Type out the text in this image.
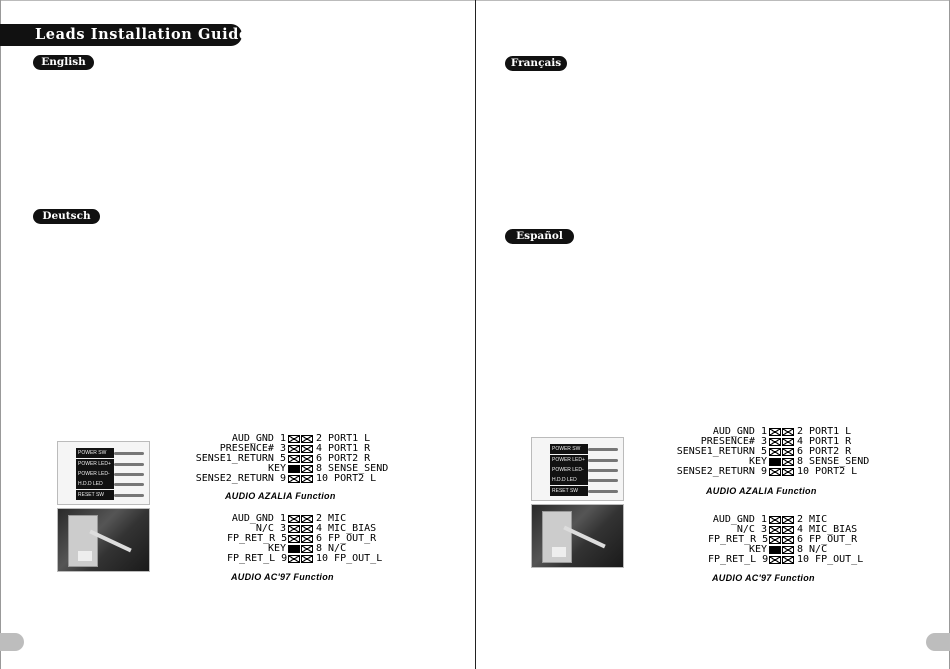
Leads Installation Guide
English
Deutsch
POWER SW
POWER LED+
POWER LED-
H.D.D LED
RESET SW
AUD_GND 1	2 PORT1 L
PRESENCE# 3	4 PORT1 R
SENSE1_RETURN 5	6 PORT2 R
KEY	8 SENSE_SEND
SENSE2_RETURN 9	10 PORT2 L
AUDIO AZALIA Function
AUD_GND 1	2 MIC
N/C 3	4 MIC_BIAS
FP_RET_R 5	6 FP_OUT_R
KEY	8 N/C
FP_RET_L 9	10 FP_OUT_L
AUDIO AC'97 Function
Français
Español
POWER SW
POWER LED+
POWER LED-
H.D.D LED
RESET SW
AUD_GND 1	2 PORT1 L
PRESENCE# 3	4 PORT1 R
SENSE1_RETURN 5	6 PORT2 R
KEY	8 SENSE_SEND
SENSE2_RETURN 9	10 PORT2 L
AUDIO AZALIA Function
AUD_GND 1	2 MIC
N/C 3	4 MIC_BIAS
FP_RET_R 5	6 FP_OUT_R
KEY	8 N/C
FP_RET_L 9	10 FP_OUT_L
AUDIO AC'97 Function
